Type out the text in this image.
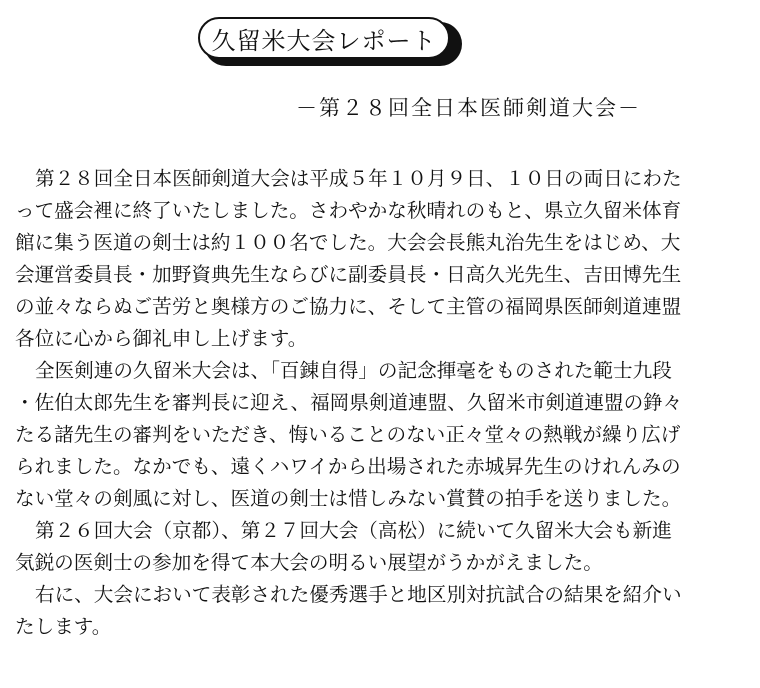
久留米大会レポート
－第２８回全日本医師剣道大会－
第２８回全日本医師剣道大会は平成５年１０月９日、１０日の両日にわた
って盛会裡に終了いたしました。さわやかな秋晴れのもと、県立久留米体育
館に集う医道の剣士は約１００名でした。大会会長熊丸治先生をはじめ、大
会運営委員長・加野資典先生ならびに副委員長・日高久光先生、吉田博先生
の並々ならぬご苦労と奥様方のご協力に、そして主管の福岡県医師剣道連盟
各位に心から御礼申し上げます。
全医剣連の久留米大会は、「百錬自得」の記念揮毫をものされた範士九段
・佐伯太郎先生を審判長に迎え、福岡県剣道連盟、久留米市剣道連盟の錚々
たる諸先生の審判をいただき、悔いることのない正々堂々の熱戦が繰り広げ
られました。なかでも、遠くハワイから出場された赤城昇先生のけれんみの
ない堂々の剣風に対し、医道の剣士は惜しみない賞賛の拍手を送りました。
第２６回大会（京都）、第２７回大会（高松）に続いて久留米大会も新進
気鋭の医剣士の参加を得て本大会の明るい展望がうかがえました。
右に、大会において表彰された優秀選手と地区別対抗試合の結果を紹介い
たします。
